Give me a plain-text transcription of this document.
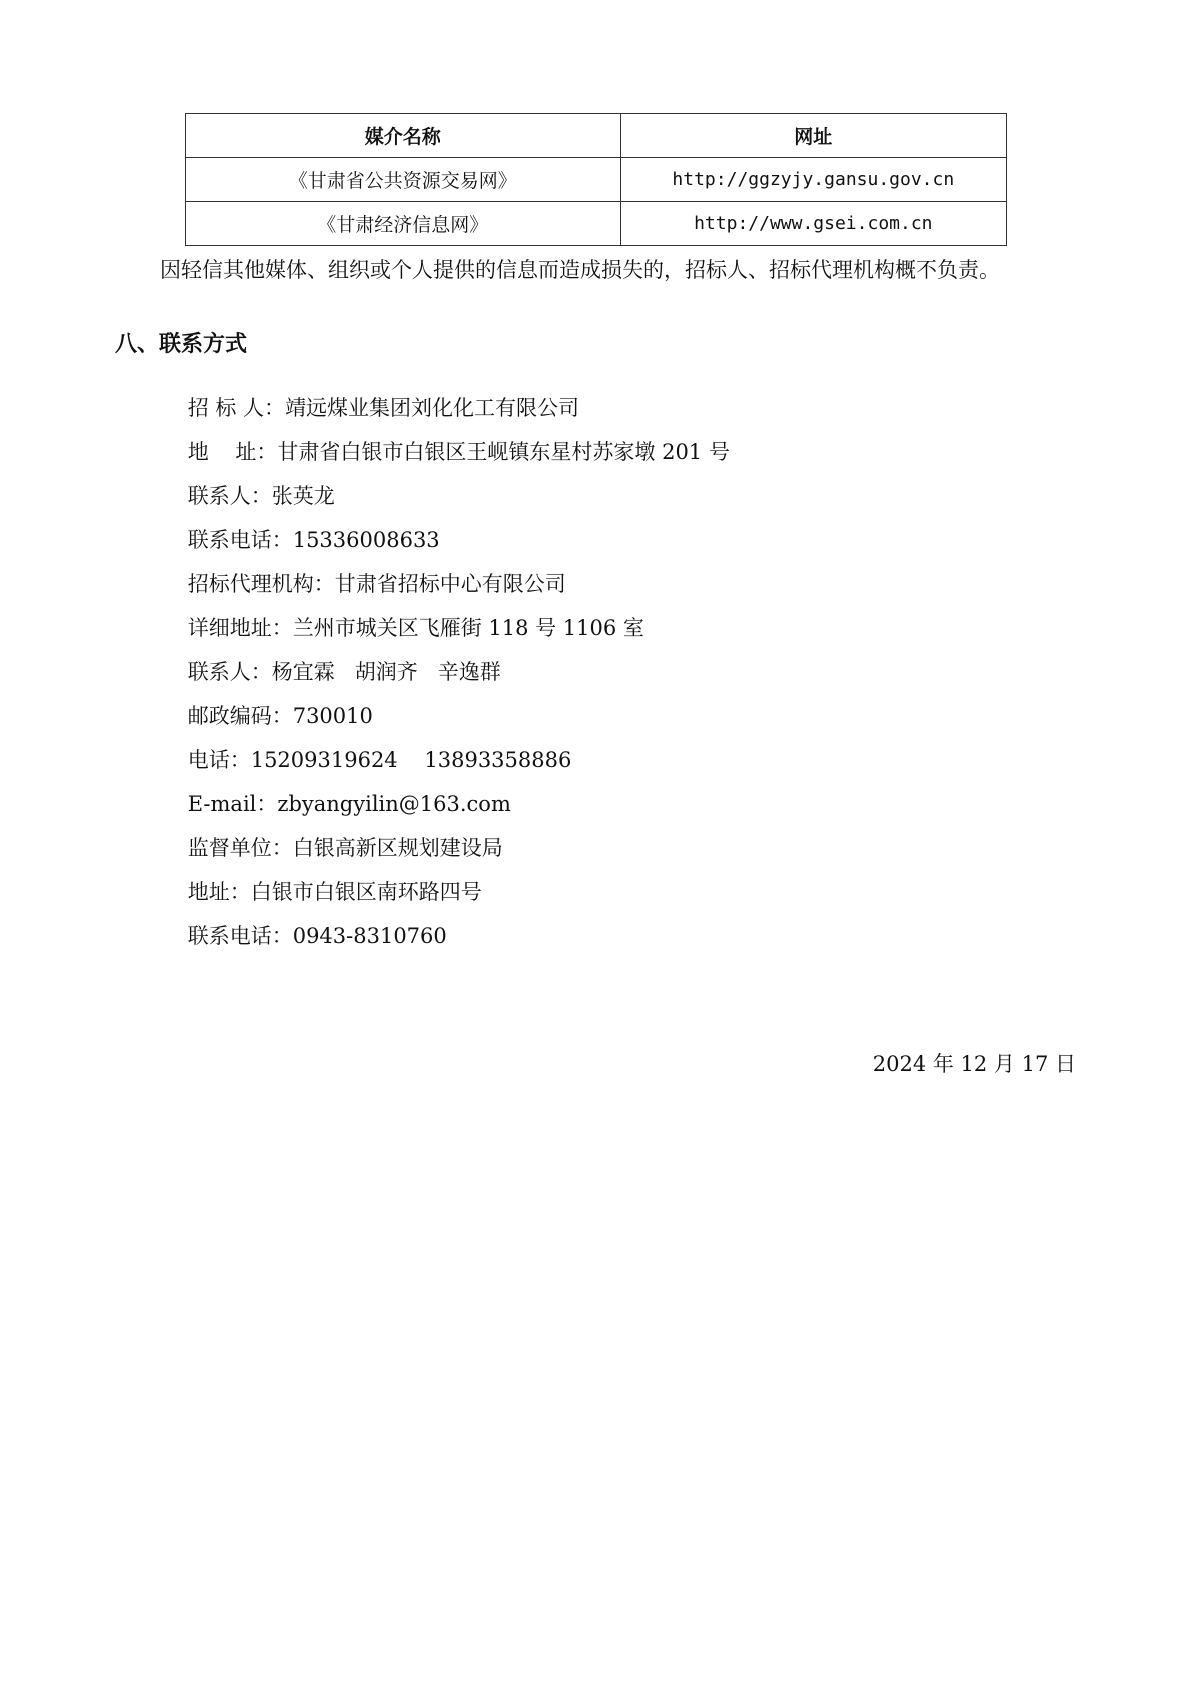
媒介名称	网址
《甘肃省公共资源交易网》	http://ggzyjy.gansu.gov.cn
《甘肃经济信息网》	http://www.gsei.com.cn
因轻信其他媒体、组织或个人提供的信息而造成损失的，招标人、招标代理机构概不负责。
八、联系方式

招 标 人：靖远煤业集团刘化化工有限公司

地    址：甘肃省白银市白银区王岘镇东星村苏家墩 201 号

联系人：张英龙

联系电话：15336008633

招标代理机构：甘肃省招标中心有限公司

详细地址：兰州市城关区飞雁街 118 号 1106 室

联系人：杨宜霖   胡润齐   辛逸群

邮政编码：730010

电话：15209319624    13893358886

E-mail：zbyangyilin@163.com

监督单位：白银高新区规划建设局

地址：白银市白银区南环路四号

联系电话：0943-8310760

2024 年 12 月 17 日
